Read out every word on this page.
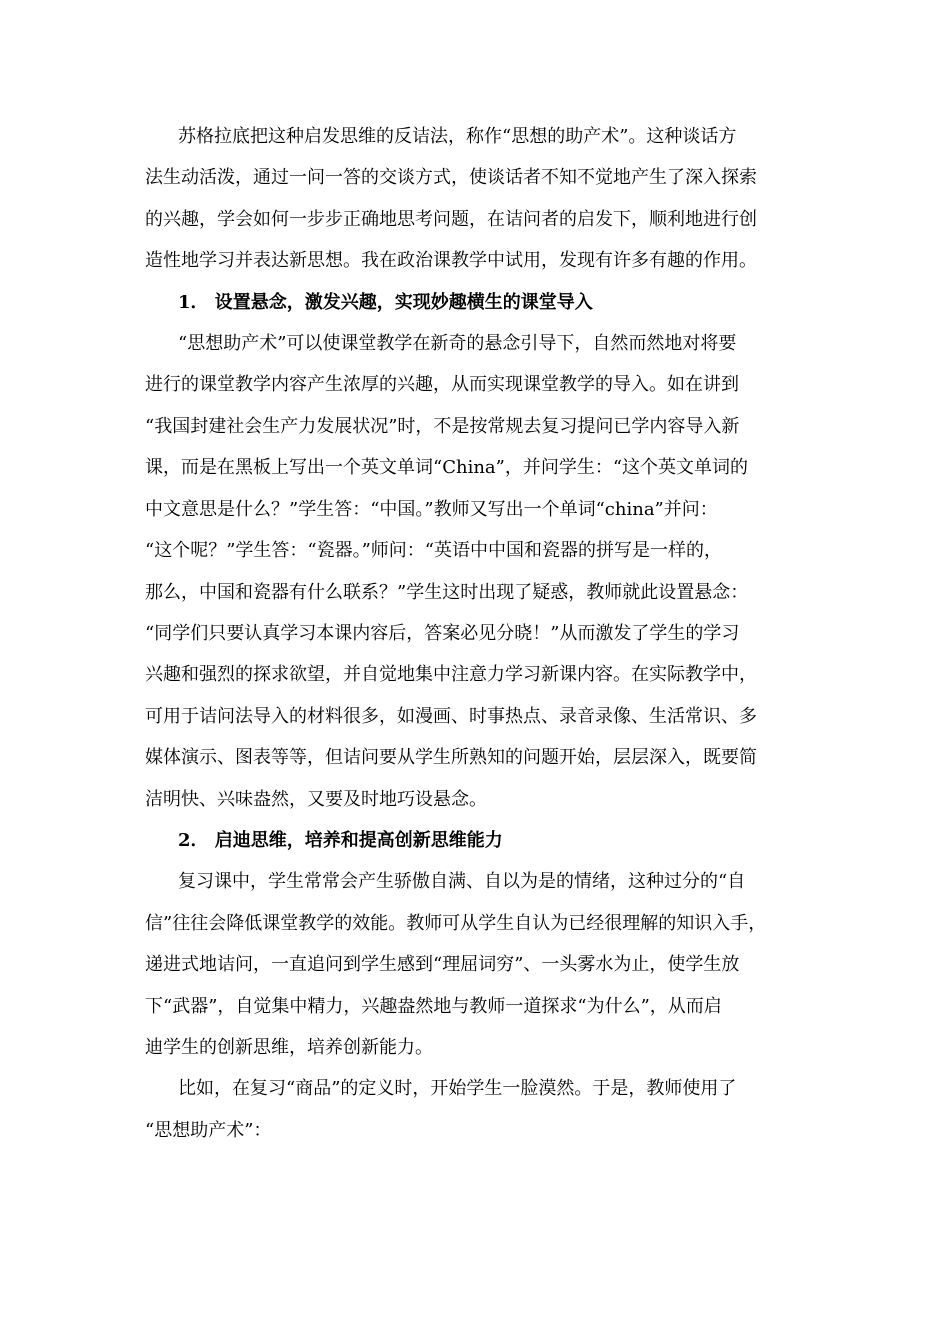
苏格拉底把这种启发思维的反诘法，称作“思想的助产术”。这种谈话方
法生动活泼，通过一问一答的交谈方式，使谈话者不知不觉地产生了深入探索
的兴趣，学会如何一步步正确地思考问题，在诘问者的启发下，顺利地进行创
造性地学习并表达新思想。我在政治课教学中试用，发现有许多有趣的作用。
1． 设置悬念，激发兴趣，实现妙趣横生的课堂导入
“思想助产术”可以使课堂教学在新奇的悬念引导下，自然而然地对将要
进行的课堂教学内容产生浓厚的兴趣，从而实现课堂教学的导入。如在讲到
“我国封建社会生产力发展状况”时，不是按常规去复习提问已学内容导入新
课，而是在黑板上写出一个英文单词“China”，并问学生：“这个英文单词的
中文意思是什么？”学生答：“中国。”教师又写出一个单词“china”并问：
“这个呢？”学生答：“瓷器。”师问：“英语中中国和瓷器的拼写是一样的，
那么，中国和瓷器有什么联系？”学生这时出现了疑惑，教师就此设置悬念：
“同学们只要认真学习本课内容后，答案必见分晓！”从而激发了学生的学习
兴趣和强烈的探求欲望，并自觉地集中注意力学习新课内容。在实际教学中，
可用于诘问法导入的材料很多，如漫画、时事热点、录音录像、生活常识、多
媒体演示、图表等等，但诘问要从学生所熟知的问题开始，层层深入，既要简
洁明快、兴味盎然，又要及时地巧设悬念。
2． 启迪思维，培养和提高创新思维能力
复习课中，学生常常会产生骄傲自满、自以为是的情绪，这种过分的“自
信”往往会降低课堂教学的效能。教师可从学生自认为已经很理解的知识入手，
递进式地诘问，一直追问到学生感到“理屈词穷”、一头雾水为止，使学生放
下“武器”，自觉集中精力，兴趣盎然地与教师一道探求“为什么”，从而启
迪学生的创新思维，培养创新能力。
比如，在复习“商品”的定义时，开始学生一脸漠然。于是，教师使用了
“思想助产术”：
